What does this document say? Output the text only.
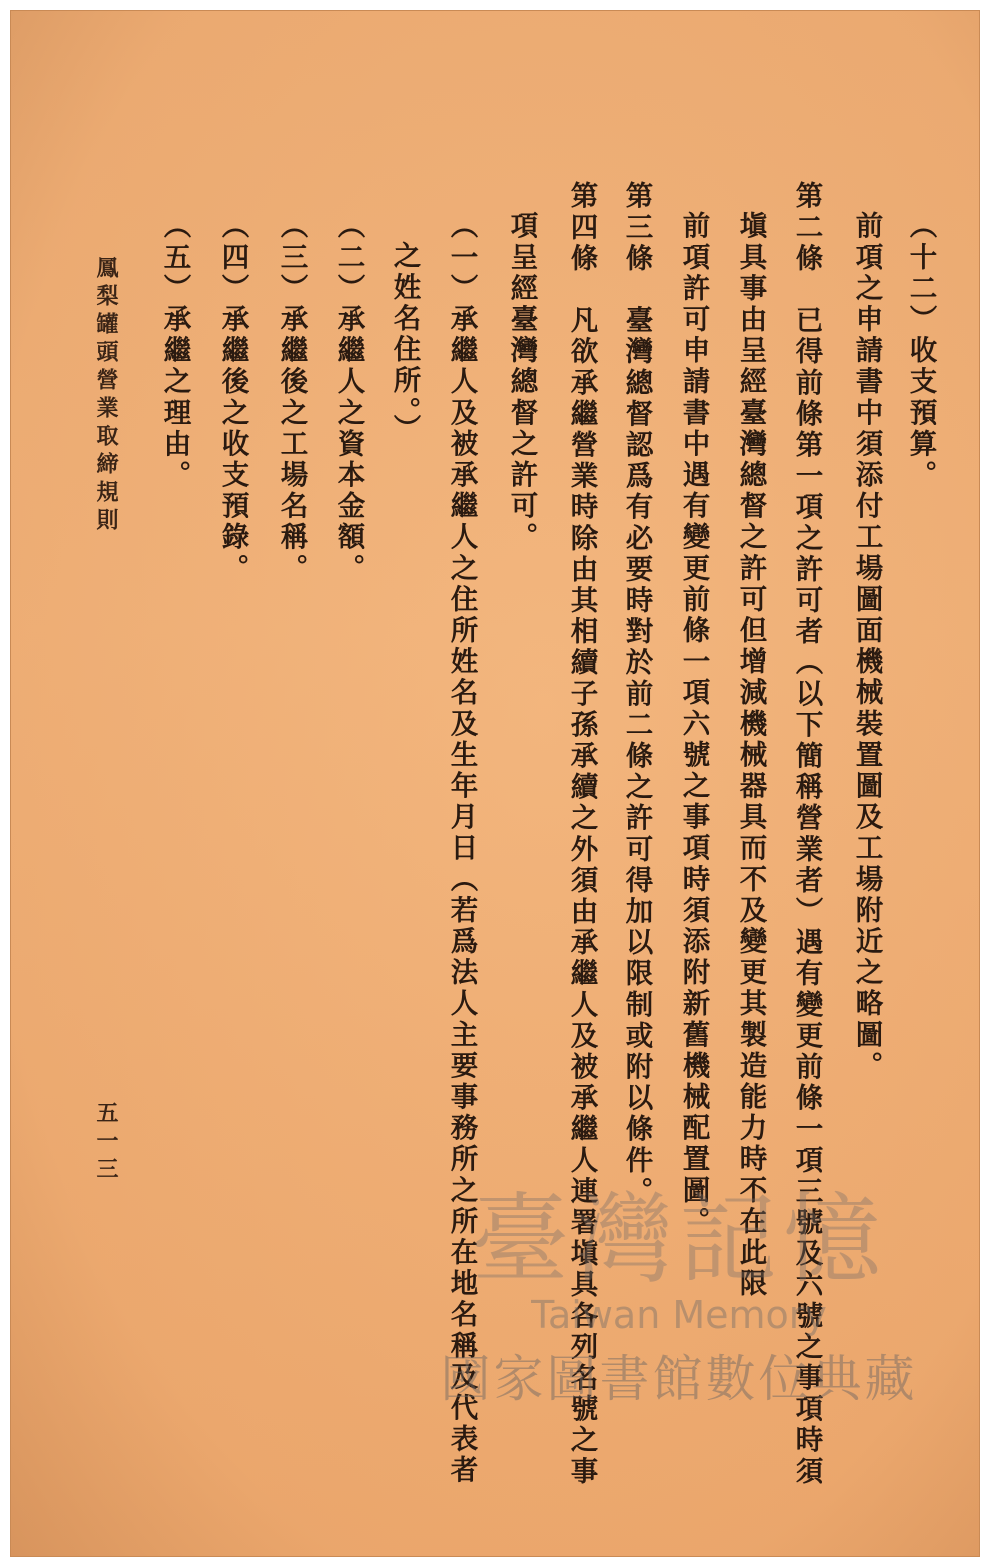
（十二）收支預算。
前項之申請書中須添付工場圖面機械裝置圖及工場附近之略圖。
第二條　已得前條第一項之許可者（以下簡稱營業者）遇有變更前條一項三號及六號之事項時須
塡具事由呈經臺灣總督之許可但增減機械器具而不及變更其製造能力時不在此限
前項許可申請書中遇有變更前條一項六號之事項時須添附新舊機械配置圖。
第三條　臺灣總督認爲有必要時對於前二條之許可得加以限制或附以條件。
第四條　凡欲承繼營業時除由其相續子孫承續之外須由承繼人及被承繼人連署塡具各列名號之事
項呈經臺灣總督之許可。
（一）承繼人及被承繼人之住所姓名及生年月日（若爲法人主要事務所之所在地名稱及代表者
之姓名住所。）
（二）承繼人之資本金額。
（三）承繼後之工場名稱。
（四）承繼後之收支預錄。
（五）承繼之理由。
鳳梨罐頭營業取締規則
五一三
臺灣記憶
Taiwan Memory
國家圖書館數位典藏
